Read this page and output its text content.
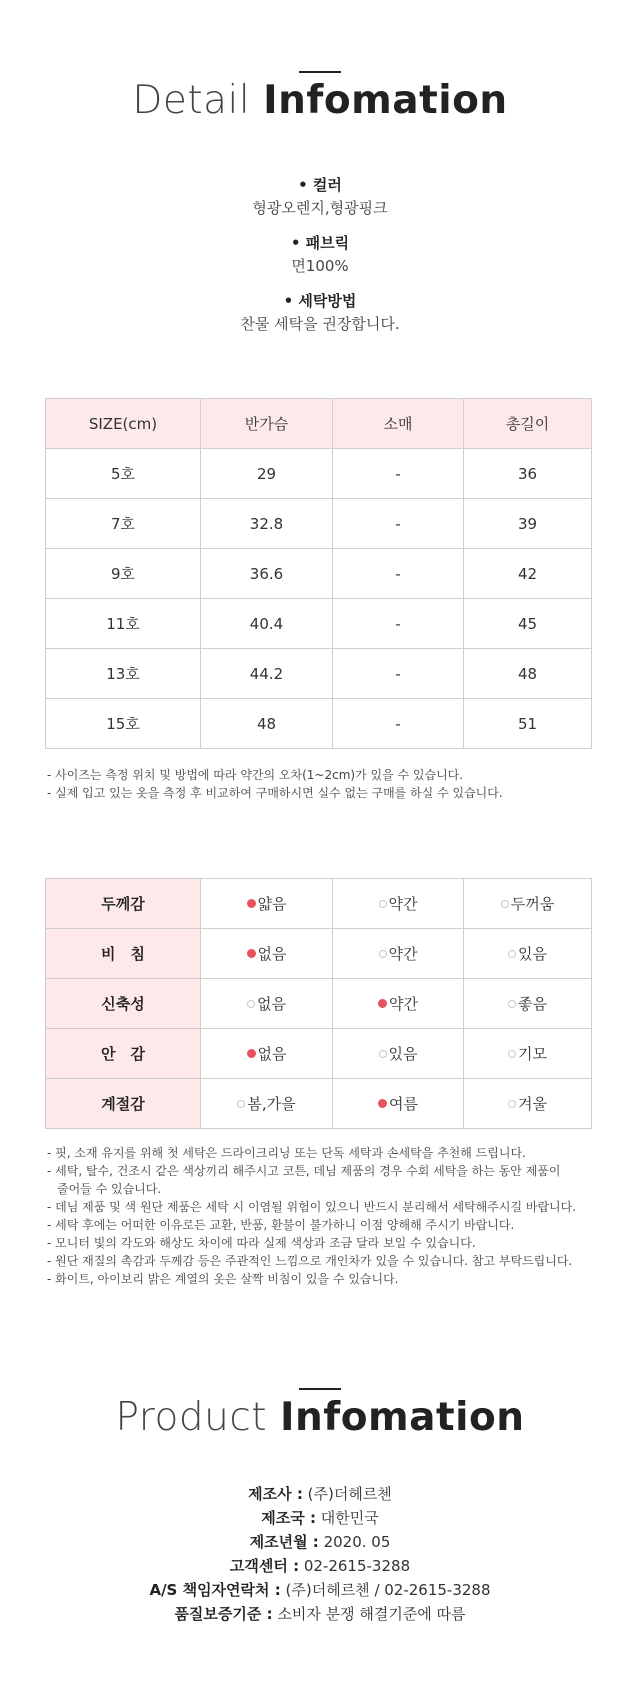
Detail Infomation
• 컬러
형광오렌지,형광핑크
• 패브릭
면100%
• 세탁방법
찬물 세탁을 권장합니다.
SIZE(cm)	반가슴	소매	총길이
5호	29	-	36
7호	32.8	-	39
9호	36.6	-	42
11호	40.4	-	45
13호	44.2	-	48
15호	48	-	51
- 사이즈는 측정 위치 및 방법에 따라 약간의 오차(1~2cm)가 있을 수 있습니다.
- 실제 입고 있는 옷을 측정 후 비교하여 구매하시면 실수 없는 구매를 하실 수 있습니다.
두께감	얇음	약간	두꺼움
비　침	없음	약간	있음
신축성	없음	약간	좋음
안　감	없음	있음	기모
계절감	봄,가을	여름	겨울
- 핏, 소재 유지를 위해 첫 세탁은 드라이크리닝 또는 단독 세탁과 손세탁을 추천해 드립니다.
- 세탁, 탈수, 건조시 같은 색상끼리 해주시고 코튼, 데님 제품의 경우 수회 세탁을 하는 동안 제품이
줄어들 수 있습니다.
- 데님 제품 및 색 원단 제품은 세탁 시 이염될 위험이 있으니 반드시 분리해서 세탁해주시길 바랍니다.
- 세탁 후에는 어떠한 이유로든 교환, 반품, 환불이 불가하니 이점 양해해 주시기 바랍니다.
- 모니터 빛의 각도와 해상도 차이에 따라 실제 색상과 조금 달라 보일 수 있습니다.
- 원단 재질의 촉감과 두께감 등은 주관적인 느낌으로 개인차가 있을 수 있습니다. 참고 부탁드립니다.
- 화이트, 아이보리 밝은 계열의 옷은 살짝 비침이 있을 수 있습니다.
Product Infomation
제조사 : (주)더헤르첸
제조국 : 대한민국
제조년월 : 2020. 05
고객센터 : 02-2615-3288
A/S 책임자연락처 : (주)더헤르첸 / 02-2615-3288
품질보증기준 : 소비자 분쟁 해결기준에 따름
